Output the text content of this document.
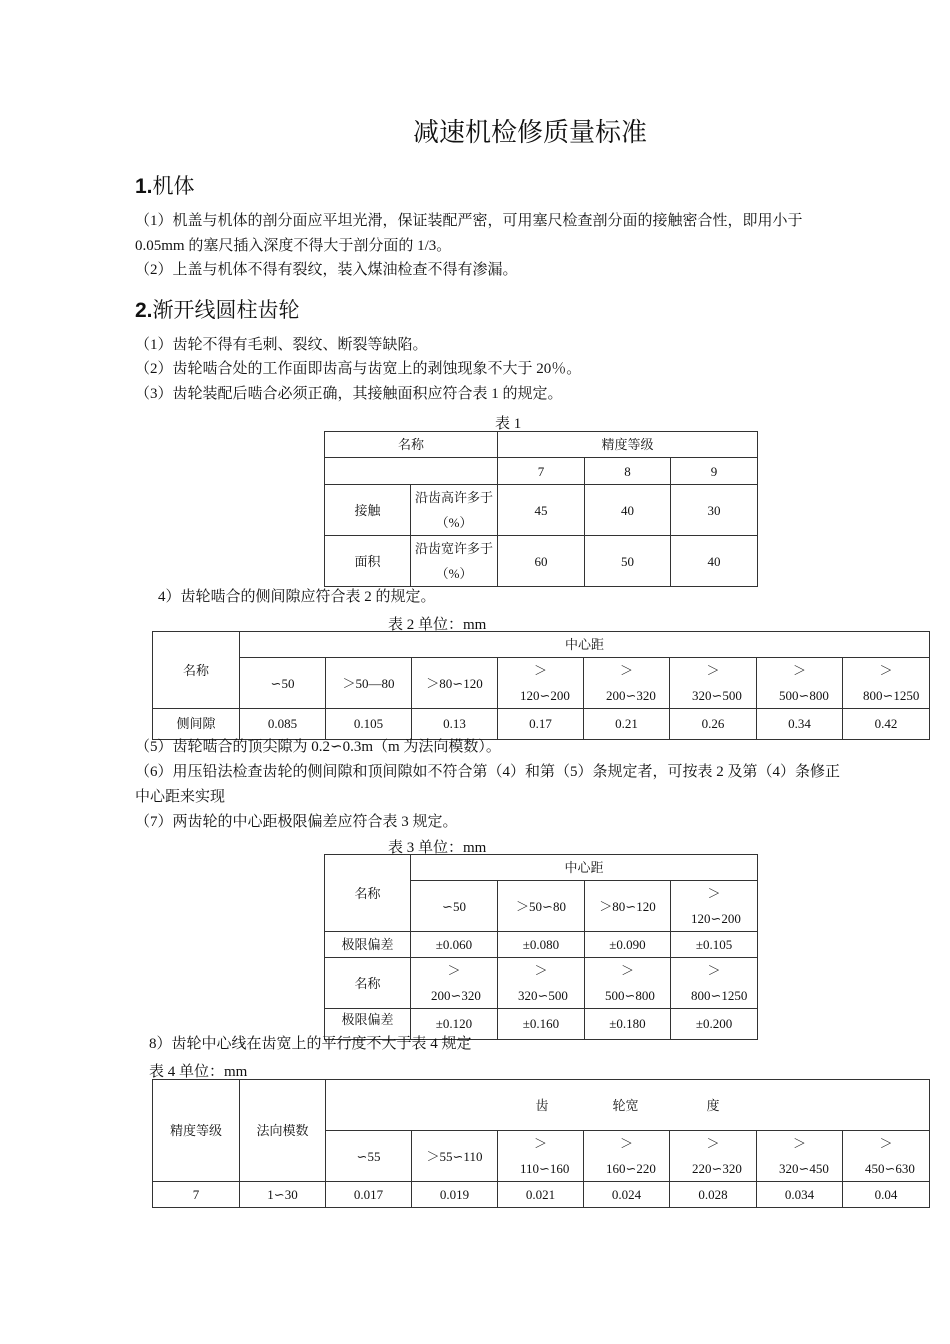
减速机检修质量标准
1.机体
（1）机盖与机体的剖分面应平坦光滑，保证装配严密，可用塞尺检查剖分面的接触密合性，即用小于
0.05mm 的塞尺插入深度不得大于剖分面的 1/3。
（2）上盖与机体不得有裂纹，装入煤油检查不得有渗漏。
2.渐开线圆柱齿轮
（1）齿轮不得有毛刺、裂纹、断裂等缺陷。
（2）齿轮啮合处的工作面即齿高与齿宽上的剥蚀现象不大于 20％。
（3）齿轮装配后啮合必须正确，其接触面积应符合表 1 的规定。
表 1
名称		精度等级		
		7	8	9
接触	沿齿高许多于（%）	45	40	30
面积	沿齿宽许多于（%）	60	50	40
4）齿轮啮合的侧间隙应符合表 2 的规定。
表 2 单位：mm
名称	中心距							
	∽50	＞50—80	＞80∽120	＞120∽200	＞200∽320	＞320∽500	＞500∽800	＞800∽1250
侧间隙	0.085	0.105	0.13	0.17	0.21	0.26	0.34	0.42
（5）齿轮啮合的顶尖隙为 0.2∽0.3m（m 为法向模数）。
（6）用压铅法检查齿轮的侧间隙和顶间隙如不符合第（4）和第（5）条规定者，可按表 2 及第（4）条修正
中心距来实现
（7）两齿轮的中心距极限偏差应符合表 3 规定。
表 3 单位：mm
名称	中心距			
	∽50	＞50∽80	＞80∽120	＞120∽200
极限偏差	±0.060	±0.080	±0.090	±0.105
名称	＞200∽320	＞320∽500	＞500∽800	＞800∽1250
极限偏差	±0.120	±0.160	±0.180	±0.200
8）齿轮中心线在齿宽上的平行度不大于表 4 规定
表 4 单位：mm
精度等级	法向模数	齿 轮宽 度						
		∽55	＞55∽110	＞110∽160	＞160∽220	＞220∽320	＞320∽450	＞450∽630
7	1∽30	0.017	0.019	0.021	0.024	0.028	0.034	0.04
